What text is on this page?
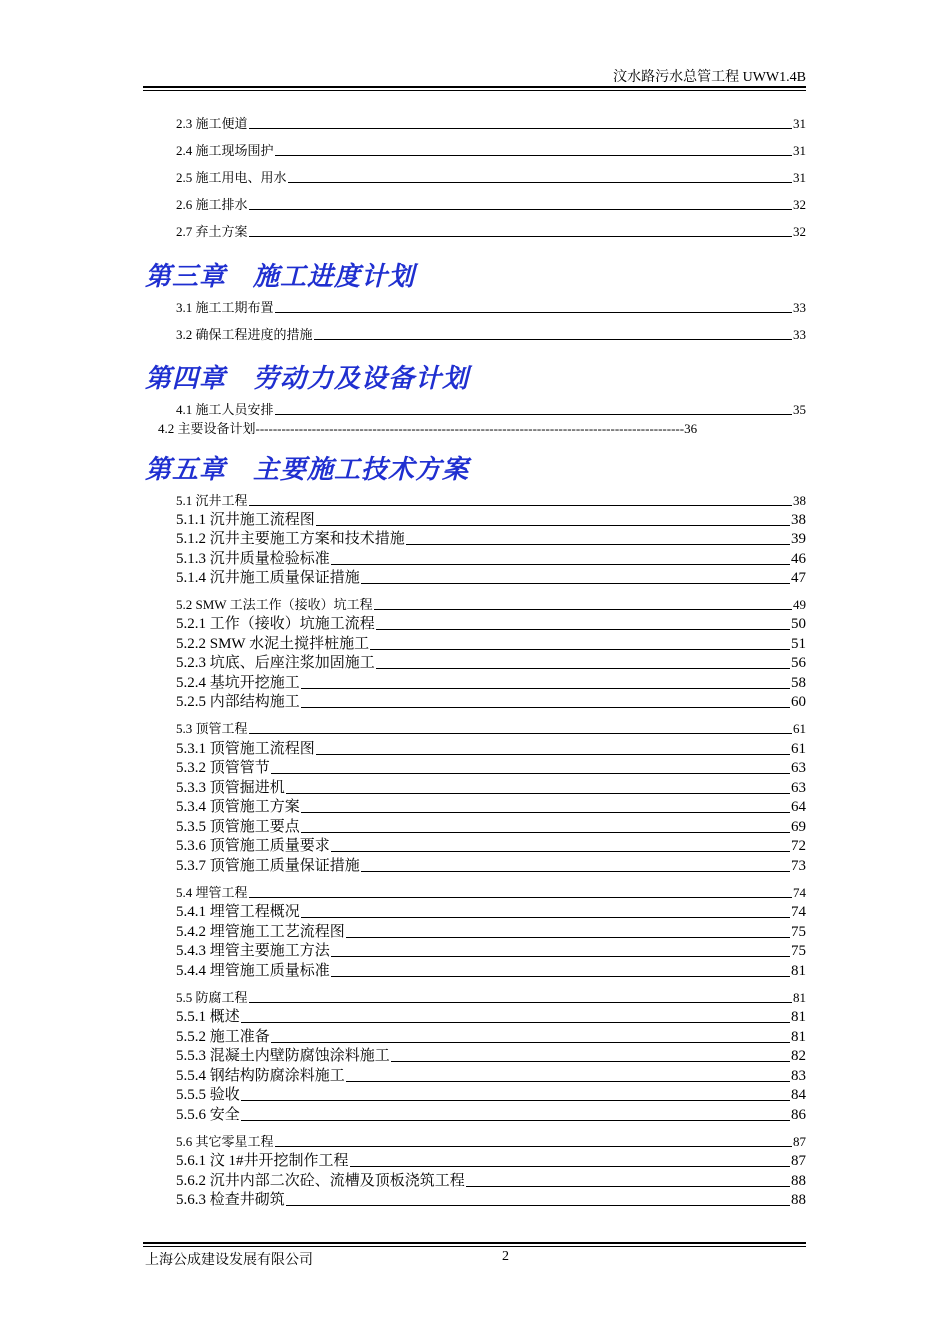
汶水路污水总管工程 UWW1.4B
2.3 施工便道	31
2.4 施工现场围护	31
2.5 施工用电、用水	31
2.6 施工排水	32
2.7 弃土方案	32
第三章　施工进度计划
3.1 施工工期布置	33
3.2 确保工程进度的措施	33
第四章　劳动力及设备计划
4.1 施工人员安排	35
4.2 主要设备计划---------------------------------------------------------------------------------------------------36
第五章　主要施工技术方案
5.1 沉井工程	38
5.1.1 沉井施工流程图	38
5.1.2 沉井主要施工方案和技术措施	39
5.1.3 沉井质量检验标准	46
5.1.4 沉井施工质量保证措施	47
5.2 SMW 工法工作（接收）坑工程	49
5.2.1 工作（接收）坑施工流程	50
5.2.2 SMW 水泥土搅拌桩施工	51
5.2.3 坑底、后座注浆加固施工	56
5.2.4 基坑开挖施工	58
5.2.5 内部结构施工	60
5.3 顶管工程	61
5.3.1 顶管施工流程图	61
5.3.2 顶管管节	63
5.3.3 顶管掘进机	63
5.3.4 顶管施工方案	64
5.3.5 顶管施工要点	69
5.3.6 顶管施工质量要求	72
5.3.7 顶管施工质量保证措施	73
5.4 埋管工程	74
5.4.1 埋管工程概况	74
5.4.2 埋管施工工艺流程图	75
5.4.3 埋管主要施工方法	75
5.4.4 埋管施工质量标准	81
5.5 防腐工程	81
5.5.1 概述	81
5.5.2 施工准备	81
5.5.3 混凝土内壁防腐蚀涂料施工	82
5.5.4 钢结构防腐涂料施工	83
5.5.5 验收	84
5.5.6 安全	86
5.6 其它零星工程	87
5.6.1 汶 1#井开挖制作工程	87
5.6.2 沉井内部二次砼、流槽及顶板浇筑工程	88
5.6.3 检查井砌筑	88
上海公成建设发展有限公司	2
